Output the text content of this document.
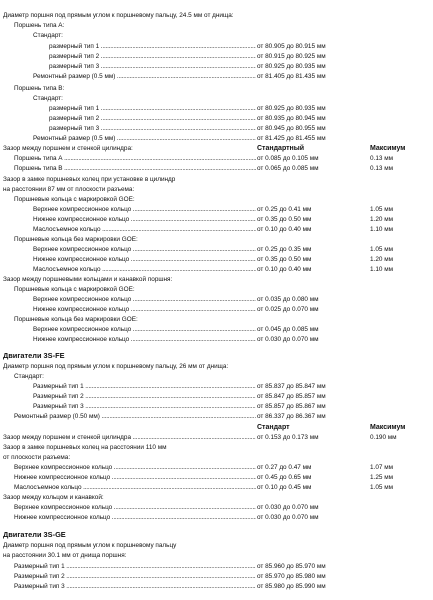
Диаметр поршня под прямым углом к поршневому пальцу, 24.5 мм от днища:
Поршень типа A:
Стандарт:
размерный тип 1 .....	от 80.905 до 80.915 мм
размерный тип 2 .....	от 80.915 до 80.925 мм
размерный тип 3 .....	от 80.925 до 80.935 мм
Ремонтный размер (0.5 мм) .....	от 81.405 до 81.435 мм
Поршень типа B:
Стандарт:
размерный тип 1 .....	от 80.925 до 80.935 мм
размерный тип 2 .....	от 80.935 до 80.945 мм
размерный тип 3 .....	от 80.945 до 80.955 мм
Ремонтный размер (0.5 мм) .....	от 81.425 до 81.455 мм
Зазор между поршнем и стенкой цилиндра:	Стандартный	Максимум
Поршень типа A .....	от 0.085 до 0.105 мм	0.13 мм
Поршень типа B .....	от 0.065 до 0.085 мм	0.13 мм
Зазор в замке поршневых колец при установке в цилиндр
на расстоянии 87 мм от плоскости разъема:
Поршневые кольца с маркировкой GOE:
Верхнее компрессионное кольцо .....	от 0.25 до 0.41 мм	1.05 мм
Нижнее компрессионное кольцо .....	от 0.35 до 0.50 мм	1.20 мм
Маслосъемное кольцо .....	от 0.10 до 0.40 мм	1.10 мм
Поршневые кольца без маркировки GOE:
Верхнее компрессионное кольцо .....	от 0.25 до 0.35 мм	1.05 мм
Нижнее компрессионное кольцо .....	от 0.35 до 0.50 мм	1.20 мм
Маслосъемное кольцо .....	от 0.10 до 0.40 мм	1.10 мм
Зазор между поршневыми кольцами и канавкой поршня:
Поршневые кольца с маркировкой GOE:
Верхнее компрессионное кольцо .....	от 0.035 до 0.080 мм
Нижнее компрессионное кольцо .....	от 0.025 до 0.070 мм
Поршневые кольца без маркировки GOE:
Верхнее компрессионное кольцо .....	от 0.045 до 0.085 мм
Нижнее компрессионное кольцо .....	от 0.030 до 0.070 мм
Двигатели 3S-FE
Диаметр поршня под прямым углом к поршневому пальцу, 26 мм от днища:
Стандарт:
Размерный тип 1 .....	от 85.837 до 85.847 мм
Размерный тип 2 .....	от 85.847 до 85.857 мм
Размерный тип 3 .....	от 85.857 до 85.867 мм
Ремонтный размер (0.50 мм) .....	от 86.337 до 86.367 мм
Стандарт	Максимум
Зазор между поршнем и стенкой цилиндра .....	от 0.153 до 0.173 мм	0.190 мм
Зазор в замке поршневых колец на расстоянии 110 мм
от плоскости разъема:
Верхнее компрессионное кольцо .....	от 0.27 до 0.47 мм	1.07 мм
Нижнее компрессионное кольцо .....	от 0.45 до 0.65 мм	1.25 мм
Маслосъемное кольцо .....	от 0.10 до 0.45 мм	1.05 мм
Зазор между кольцом и канавкой:
Верхнее компрессионное кольцо .....	от 0.030 до 0.070 мм
Нижнее компрессионное кольцо .....	от 0.030 до 0.070 мм
Двигатели 3S-GE
Диаметр поршня под прямым углом к поршневому пальцу
на расстоянии 30.1 мм от днища поршня:
Размерный тип 1 .....	от 85.960 до 85.970 мм
Размерный тип 2 .....	от 85.970 до 85.980 мм
Размерный тип 3 .....	от 85.980 до 85.990 мм
